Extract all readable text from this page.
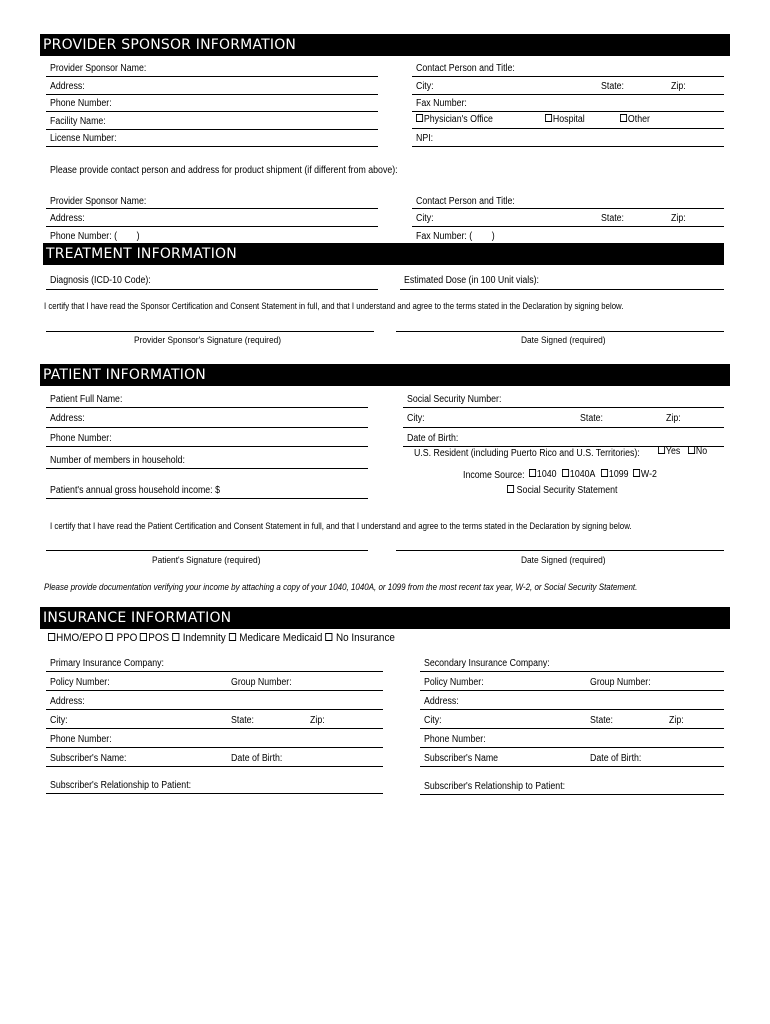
PROVIDER SPONSOR INFORMATION
Provider Sponsor Name:	Contact Person and Title:
Address:	City:	State:	Zip:
Phone Number:	Fax Number:
Facility Name:	Physician's Office	Hospital	Other
License Number:	NPI:
Please provide contact person and address for product shipment (if different from above):
Provider Sponsor Name:	Contact Person and Title:
Address:	City:	State:	Zip:
Phone Number: (        )	Fax Number: (        )
TREATMENT INFORMATION
Diagnosis (ICD-10 Code):	Estimated Dose (in 100 Unit vials):
I certify that I have read the Sponsor Certification and Consent Statement in full, and that I understand and agree to the terms stated in the Declaration by signing below.
Provider Sponsor's Signature (required)	Date Signed (required)
PATIENT INFORMATION
Patient Full Name:	Social Security Number:
Address:	City:	State:	Zip:
Phone Number:	Date of Birth:
U.S. Resident (including Puerto Rico and U.S. Territories):	Yes	No
Number of members in household:
Income Source:	1040	1040A	1099	W-2
Social Security Statement
Patient's annual gross household income: $
I certify that I have read the Patient Certification and Consent Statement in full, and that I understand and agree to the terms stated in the Declaration by signing below.
Patient's Signature (required)	Date Signed (required)
Please provide documentation verifying your income by attaching a copy of your 1040, 1040A, or 1099 from the most recent tax year, W-2, or Social Security Statement.
INSURANCE INFORMATION
HMO/EPO PPO POS Indemnity Medicare Medicaid No Insurance
Primary Insurance Company:
Policy Number:	Group Number:
Address:
City:	State:	Zip:
Phone Number:
Subscriber's Name:	Date of Birth:
Subscriber's Relationship to Patient:
Secondary Insurance Company:
Policy Number:	Group Number:
Address:
City:	State:	Zip:
Phone Number:
Subscriber's Name	Date of Birth:
Subscriber's Relationship to Patient:
